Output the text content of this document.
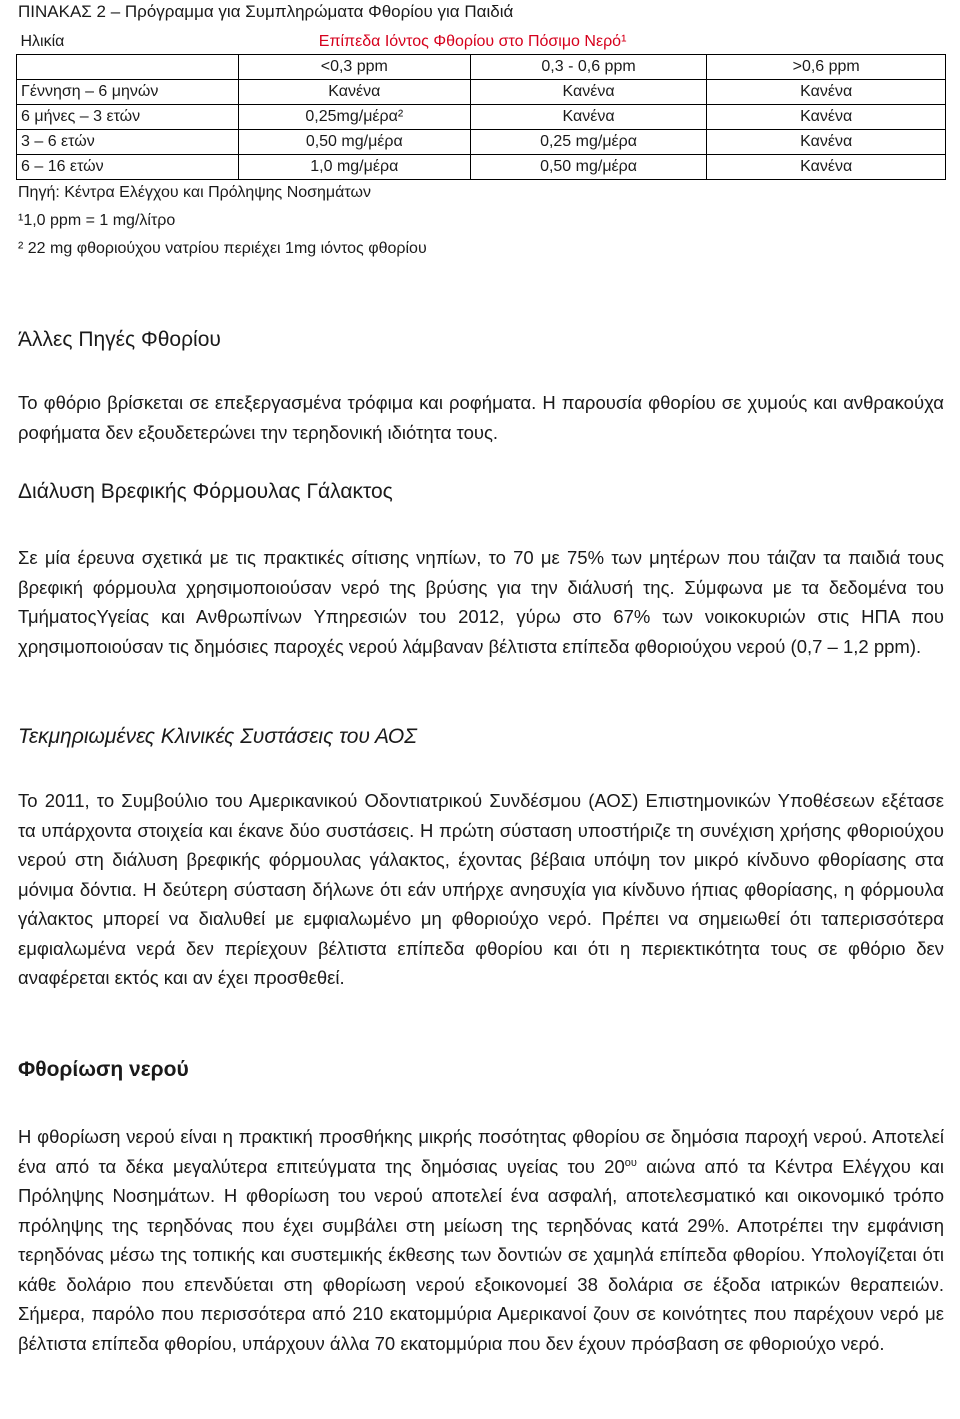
ΠΙΝΑΚΑΣ 2 – Πρόγραμμα για Συμπληρώματα Φθορίου για Παιδιά
Ηλικία	Επίπεδα Ιόντος Φθορίου στο Πόσιμο Νερό¹		
	<0,3 ppm	0,3 - 0,6 ppm	>0,6 ppm
Γέννηση – 6 μηνών	Κανένα	Κανένα	Κανένα
6 μήνες – 3 ετών	0,25mg/μέρα²	Κανένα	Κανένα
3 – 6 ετών	0,50 mg/μέρα	0,25 mg/μέρα	Κανένα
6 – 16 ετών	1,0 mg/μέρα	0,50 mg/μέρα	Κανένα
Πηγή: Κέντρα Ελέγχου και Πρόληψης Νοσημάτων
¹1,0 ppm = 1 mg/λίτρο
² 22 mg φθοριούχου νατρίου περιέχει 1mg ιόντος φθορίου
Άλλες Πηγές Φθορίου

Το φθόριο βρίσκεται σε επεξεργασμένα τρόφιμα και ροφήματα. Η παρουσία φθορίου σε χυμούς και ανθρακούχα ροφήματα δεν εξουδετερώνει την τερηδονική ιδιότητα τους.

Διάλυση Βρεφικής Φόρμουλας Γάλακτος

Σε μία έρευνα σχετικά με τις πρακτικές σίτισης νηπίων, το 70 με 75% των μητέρων που τάιζαν τα παιδιά τους βρεφική φόρμουλα χρησιμοποιούσαν νερό της βρύσης για την διάλυσή της. Σύμφωνα με τα δεδομένα του ΤμήματοςΥγείας και Ανθρωπίνων Υπηρεσιών του 2012, γύρω στο 67% των νοικοκυριών στις ΗΠΑ που χρησιμοποιούσαν τις δημόσιες παροχές νερού λάμβαναν βέλτιστα επίπεδα φθοριούχου νερού (0,7 – 1,2 ppm).

Τεκμηριωμένες Κλινικές Συστάσεις του ΑΟΣ

Το 2011, το Συμβούλιο του Αμερικανικού Οδοντιατρικού Συνδέσμου (ΑΟΣ) Επιστημονικών Υποθέσεων εξέτασε τα υπάρχοντα στοιχεία και έκανε δύο συστάσεις. Η πρώτη σύσταση υποστήριζε τη συνέχιση χρήσης φθοριούχου νερού στη διάλυση βρεφικής φόρμουλας γάλακτος, έχοντας βέβαια υπόψη τον μικρό κίνδυνο φθορίασης στα μόνιμα δόντια. Η δεύτερη σύσταση δήλωνε ότι εάν υπήρχε ανησυχία για κίνδυνο ήπιας φθορίασης, η φόρμουλα γάλακτος μπορεί να διαλυθεί με εμφιαλωμένο μη φθοριούχο νερό. Πρέπει να σημειωθεί ότι ταπερισσότερα εμφιαλωμένα νερά δεν περίεχουν βέλτιστα επίπεδα φθορίου και ότι η περιεκτικότητα τους σε φθόριο δεν αναφέρεται εκτός και αν έχει προσθεθεί.

Φθορίωση νερού

Η φθορίωση νερού είναι η πρακτική προσθήκης μικρής ποσότητας φθορίου σε δημόσια παροχή νερού. Αποτελεί ένα από τα δέκα μεγαλύτερα επιτεύγματα της δημόσιας υγείας του $20^{o\upsilon}$ αιώνα από τα Κέντρα Ελέγχου και Πρόληψης Νοσημάτων. Η φθορίωση του νερού αποτελεί ένα ασφαλή, αποτελεσματικό και οικονομικό τρόπο πρόληψης της τερηδόνας που έχει συμβάλει στη μείωση της τερηδόνας κατά 29%. Αποτρέπει την εμφάνιση τερηδόνας μέσω της τοπικής και συστεμικής έκθεσης των δοντιών σε χαμηλά επίπεδα φθορίου. Υπολογίζεται ότι κάθε δολάριο που επενδύεται στη φθορίωση νερού εξοικονομεί 38 δολάρια σε έξοδα ιατρικών θεραπειών. Σήμερα, παρόλο που περισσότερα από 210 εκατομμύρια Αμερικανοί ζουν σε κοινότητες που παρέχουν νερό με βέλτιστα επίπεδα φθορίου, υπάρχουν άλλα 70 εκατομμύρια που δεν έχουν πρόσβαση σε φθοριούχο νερό.
